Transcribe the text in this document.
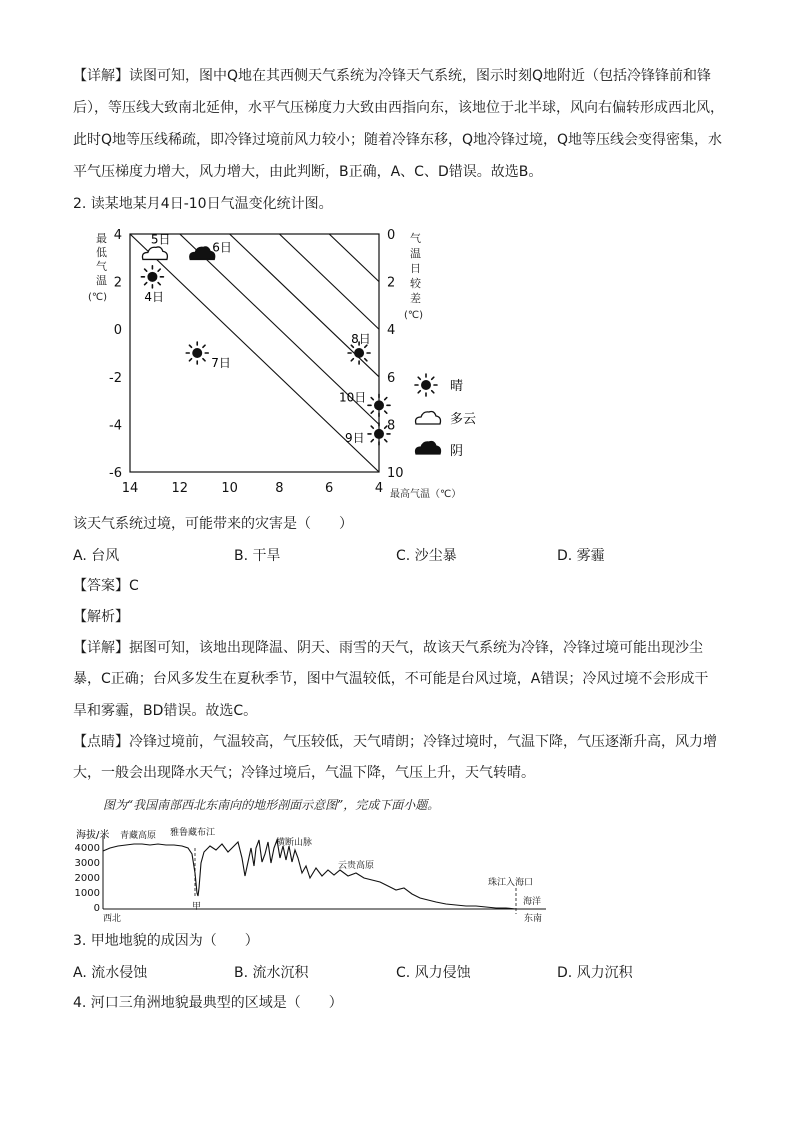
【详解】读图可知，图中Q地在其西侧天气系统为冷锋天气系统，图示时刻Q地附近（包括冷锋锋前和锋
后），等压线大致南北延伸，水平气压梯度力大致由西指向东，该地位于北半球，风向右偏转形成西北风，
此时Q地等压线稀疏，即冷锋过境前风力较小；随着冷锋东移，Q地冷锋过境，Q地等压线会变得密集，水
平气压梯度力增大，风力增大，由此判断，B正确，A、C、D错误。故选B。
2. 读某地某月4日-10日气温变化统计图。
最
低
气
温
(℃)
气
温
日
较
差
(℃)
14	12	10	8	6	4
4
2
0
-2
-4
-6
0
2
4
6
8
10
最高气温（℃）
4日
5日
6日
7日
8日
9日
10日
晴
多云
阴
该天气系统过境，可能带来的灾害是（　　）
A. 台风	B. 干旱	C. 沙尘暴	D. 雾霾
【答案】C
【解析】
【详解】据图可知，该地出现降温、阴天、雨雪的天气，故该天气系统为冷锋，冷锋过境可能出现沙尘
暴，C正确；台风多发生在夏秋季节，图中气温较低，不可能是台风过境，A错误；冷风过境不会形成干
旱和雾霾，BD错误。故选C。
【点睛】冷锋过境前，气温较高，气压较低，天气晴朗；冷锋过境时，气温下降，气压逐渐升高，风力增
大，一般会出现降水天气；冷锋过境后，气温下降，气压上升，天气转晴。
图为“我国南部西北东南向的地形剖面示意图”，完成下面小题。
海拔/米
4000
3000
2000
1000
0
青藏高原 雅鲁藏布江
横断山脉
云贵高原
珠江入海口
海洋
甲
西北	东南
3. 甲地地貌的成因为（　　）
A. 流水侵蚀	B. 流水沉积	C. 风力侵蚀	D. 风力沉积
4. 河口三角洲地貌最典型的区域是（　　）
